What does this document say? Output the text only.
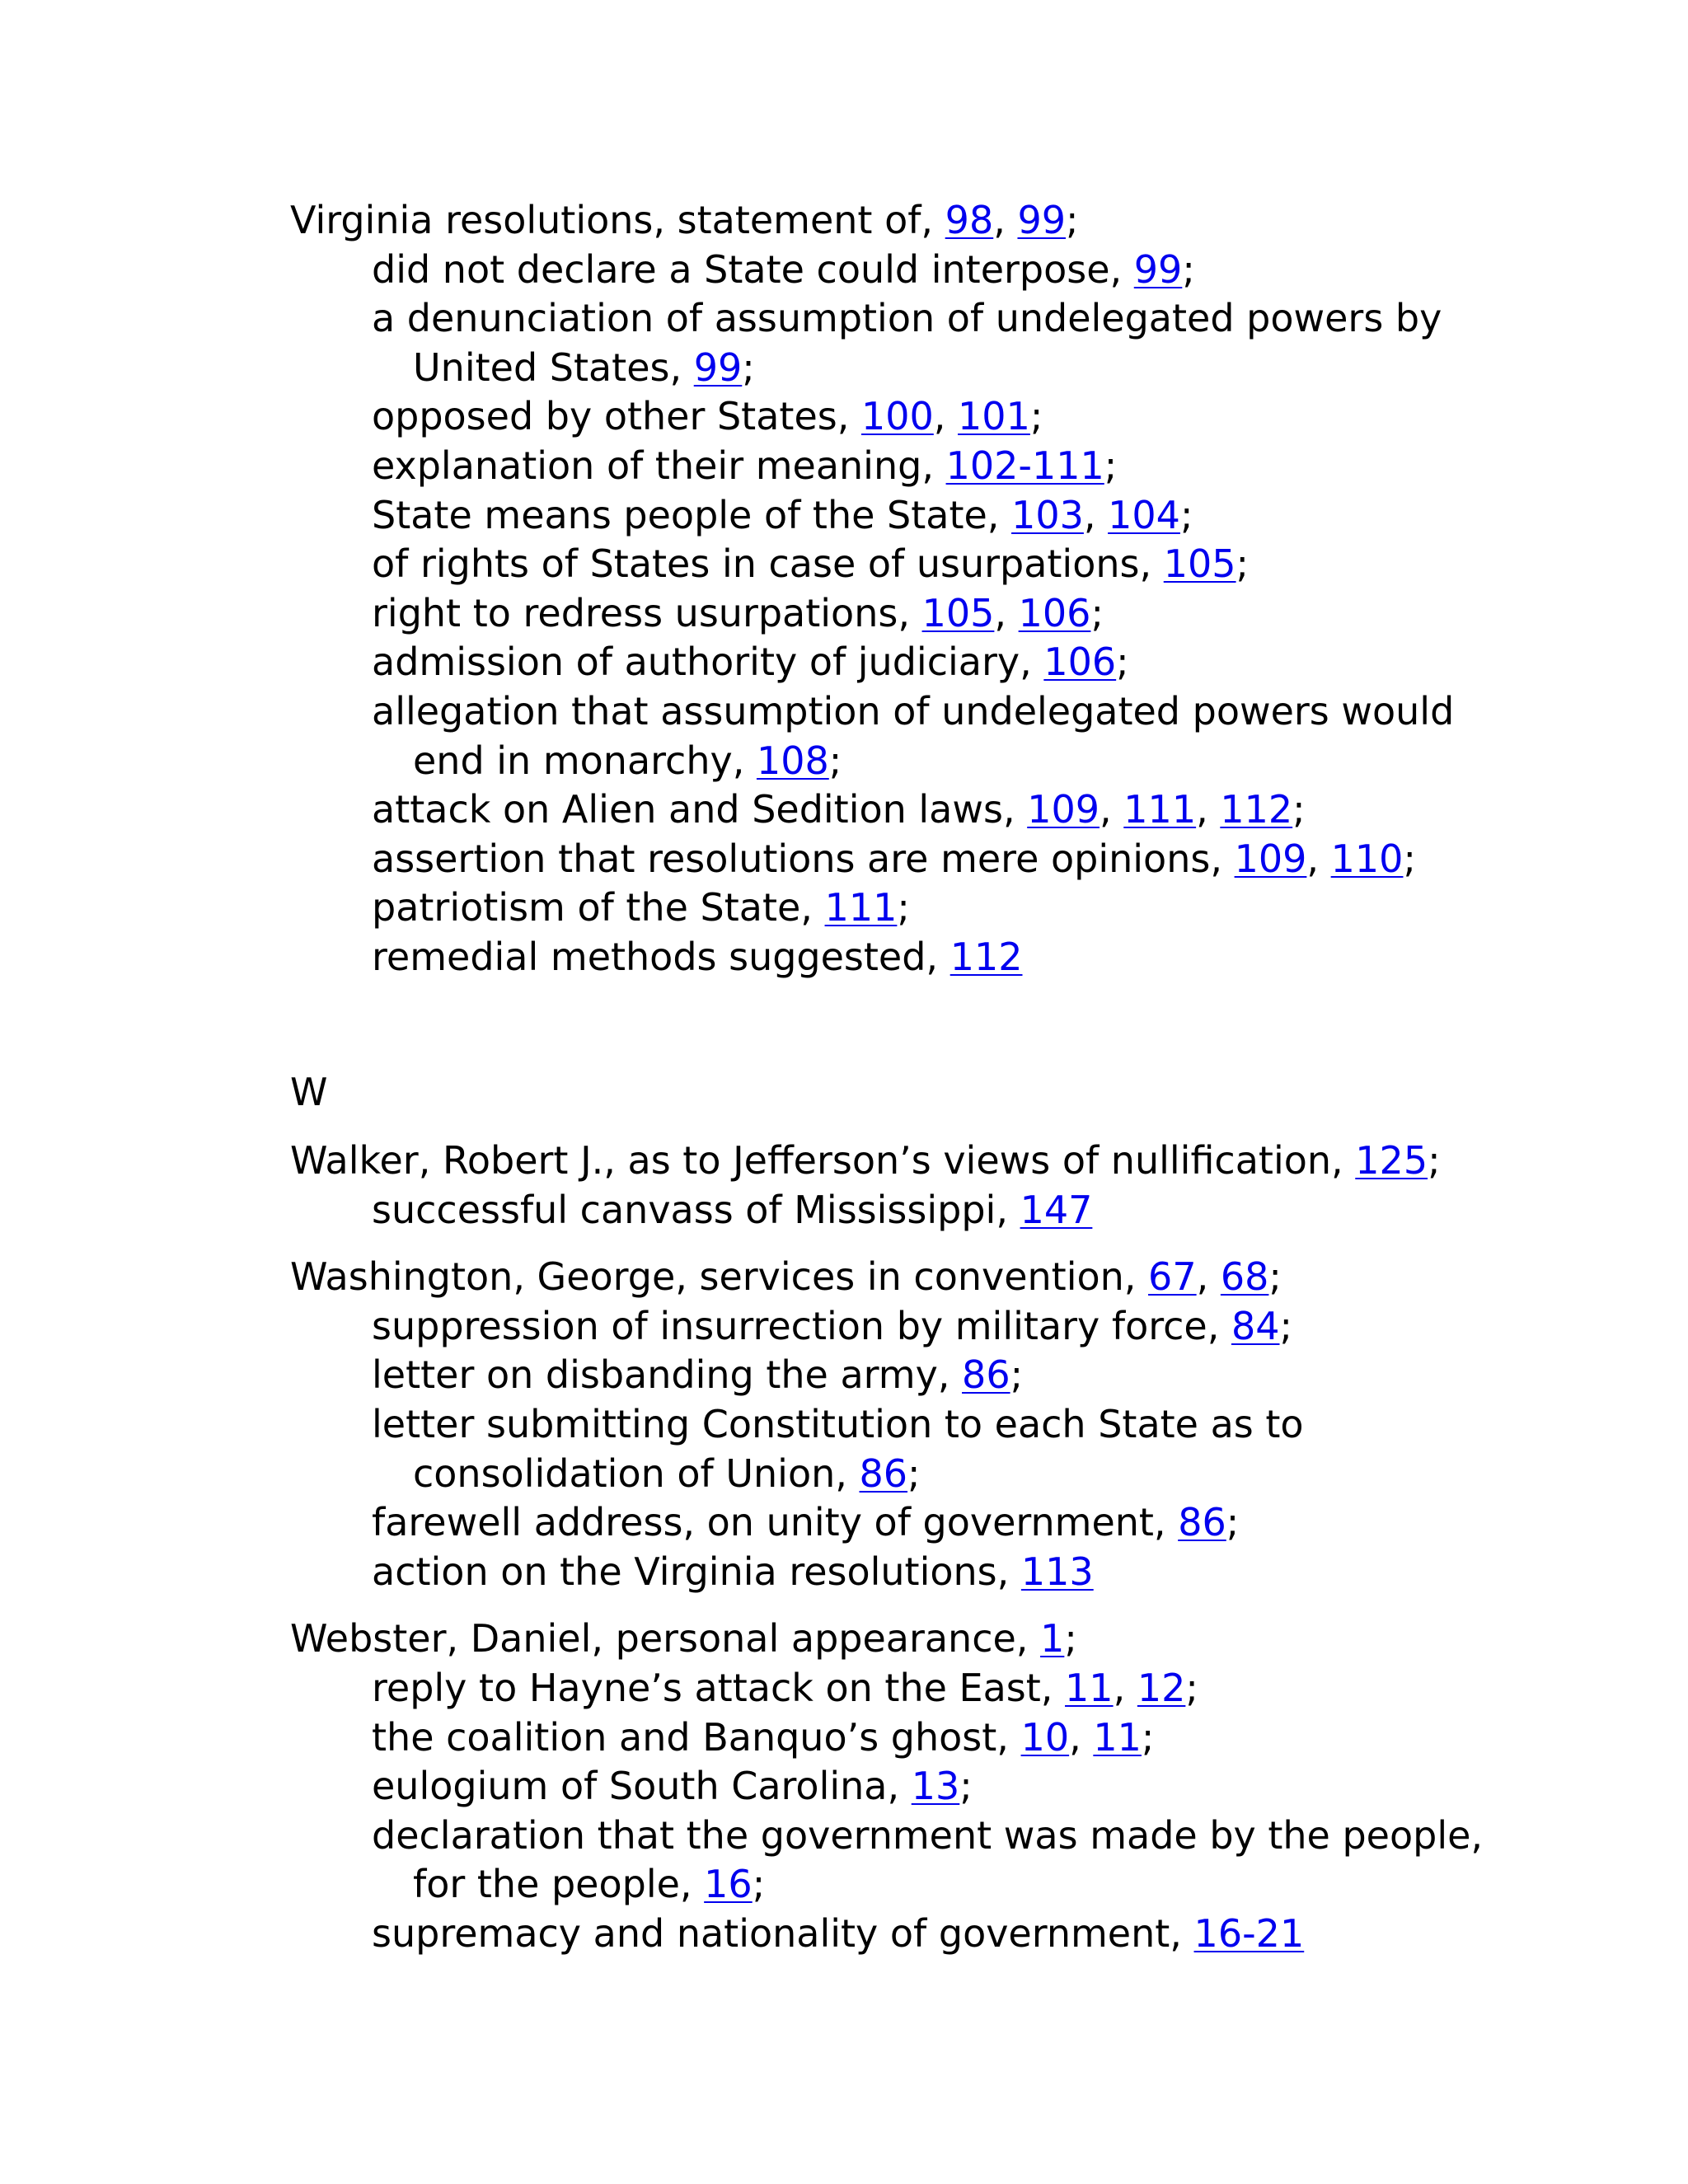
Virginia resolutions, statement of, 98, 99;
did not declare a State could interpose, 99;
a denunciation of assumption of undelegated powers by
United States, 99;
opposed by other States, 100, 101;
explanation of their meaning, 102-111;
State means people of the State, 103, 104;
of rights of States in case of usurpations, 105;
right to redress usurpations, 105, 106;
admission of authority of judiciary, 106;
allegation that assumption of undelegated powers would
end in monarchy, 108;
attack on Alien and Sedition laws, 109, 111, 112;
assertion that resolutions are mere opinions, 109, 110;
patriotism of the State, 111;
remedial methods suggested, 112
W
Walker, Robert J., as to Jefferson’s views of nullification, 125;
successful canvass of Mississippi, 147
Washington, George, services in convention, 67, 68;
suppression of insurrection by military force, 84;
letter on disbanding the army, 86;
letter submitting Constitution to each State as to
consolidation of Union, 86;
farewell address, on unity of government, 86;
action on the Virginia resolutions, 113
Webster, Daniel, personal appearance, 1;
reply to Hayne’s attack on the East, 11, 12;
the coalition and Banquo’s ghost, 10, 11;
eulogium of South Carolina, 13;
declaration that the government was made by the people,
for the people, 16;
supremacy and nationality of government, 16-21
